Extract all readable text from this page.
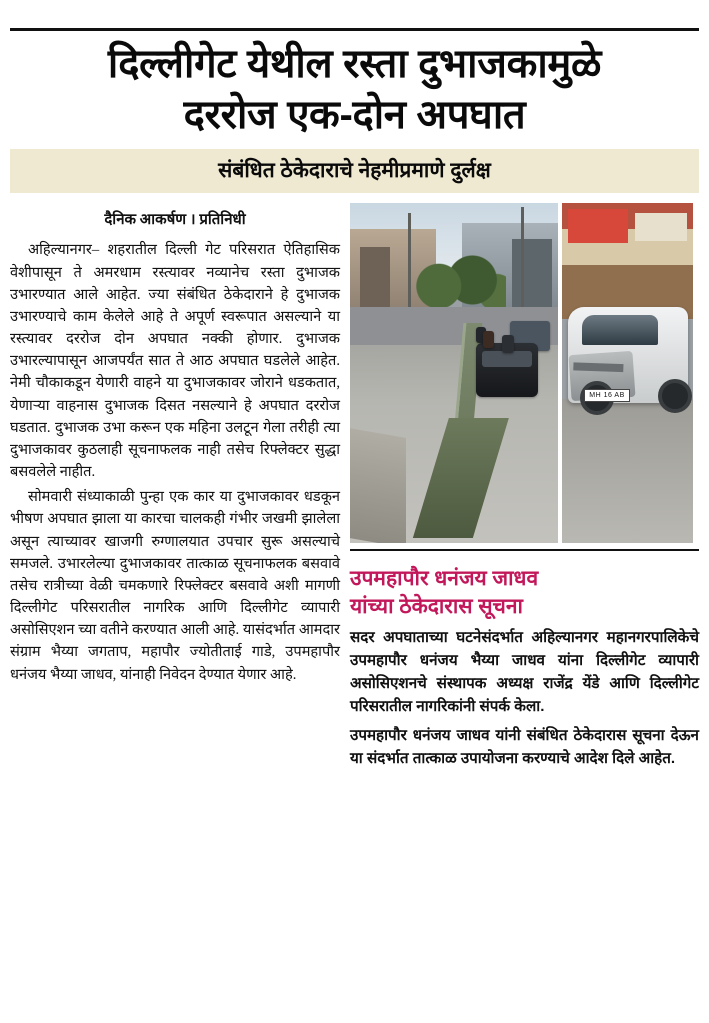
दिल्लीगेट येथील रस्ता दुभाजकामुळे
दररोज एक-दोन अपघात
संबंधित ठेकेदाराचे नेहमीप्रमाणे दुर्लक्ष
दैनिक आकर्षण । प्रतिनिधी

अहिल्यानगर– शहरातील दिल्ली गेट परिसरात ऐतिहासिक वेशीपासून ते अमरधाम रस्त्यावर नव्यानेच रस्ता दुभाजक उभारण्यात आले आहेत. ज्या संबंधित ठेकेदाराने हे दुभाजक उभारण्याचे काम केलेले आहे ते अपूर्ण स्वरूपात असल्याने या रस्त्यावर दररोज दोन अपघात नक्की होणार. दुभाजक उभारल्यापासून आजपर्यंत सात ते आठ अपघात घडलेले आहेत. नेमी चौकाकडून येणारी वाहने या दुभाजकावर जोराने धडकतात, येणाऱ्या वाहनास दुभाजक दिसत नसल्याने हे अपघात दररोज घडतात. दुभाजक उभा करून एक महिना उलटून गेला तरीही त्या दुभाजकावर कुठलाही सूचनाफलक नाही तसेच रिफ्लेक्टर सुद्धा बसवलेले नाहीत.

सोमवारी संध्याकाळी पुन्हा एक कार या दुभाजकावर धडकून भीषण अपघात झाला या कारचा चालकही गंभीर जखमी झालेला असून त्याच्यावर खाजगी रुग्णालयात उपचार सुरू असल्याचे समजले. उभारलेल्या दुभाजकावर तात्काळ सूचनाफलक बसवावे तसेच रात्रीच्या वेळी चमकणारे रिफ्लेक्टर बसवावे अशी मागणी दिल्लीगेट परिसरातील नागरिक आणि दिल्लीगेट व्यापारी असोसिएशन च्या वतीने करण्यात आली आहे. यासंदर्भात आमदार संग्राम भैय्या जगताप, महापौर ज्योतीताई गाडे, उपमहापौर धनंजय भैय्या जाधव, यांनाही निवेदन देण्यात येणार आहे.

MH 16 AB
उपमहापौर धनंजय जाधव
यांच्या ठेकेदारास सूचना

सदर अपघाताच्या घटनेसंदर्भात अहिल्यानगर महानगरपालिकेचे उपमहापौर धनंजय भैय्या जाधव यांना दिल्लीगेट व्यापारी असोसिएशनचे संस्थापक अध्यक्ष राजेंद्र येंडे आणि दिल्लीगेट परिसरातील नागरिकांनी संपर्क केला.

उपमहापौर धनंजय जाधव यांनी संबंधित ठेकेदारास सूचना देऊन या संदर्भात तात्काळ उपायोजना करण्याचे आदेश दिले आहेत.
